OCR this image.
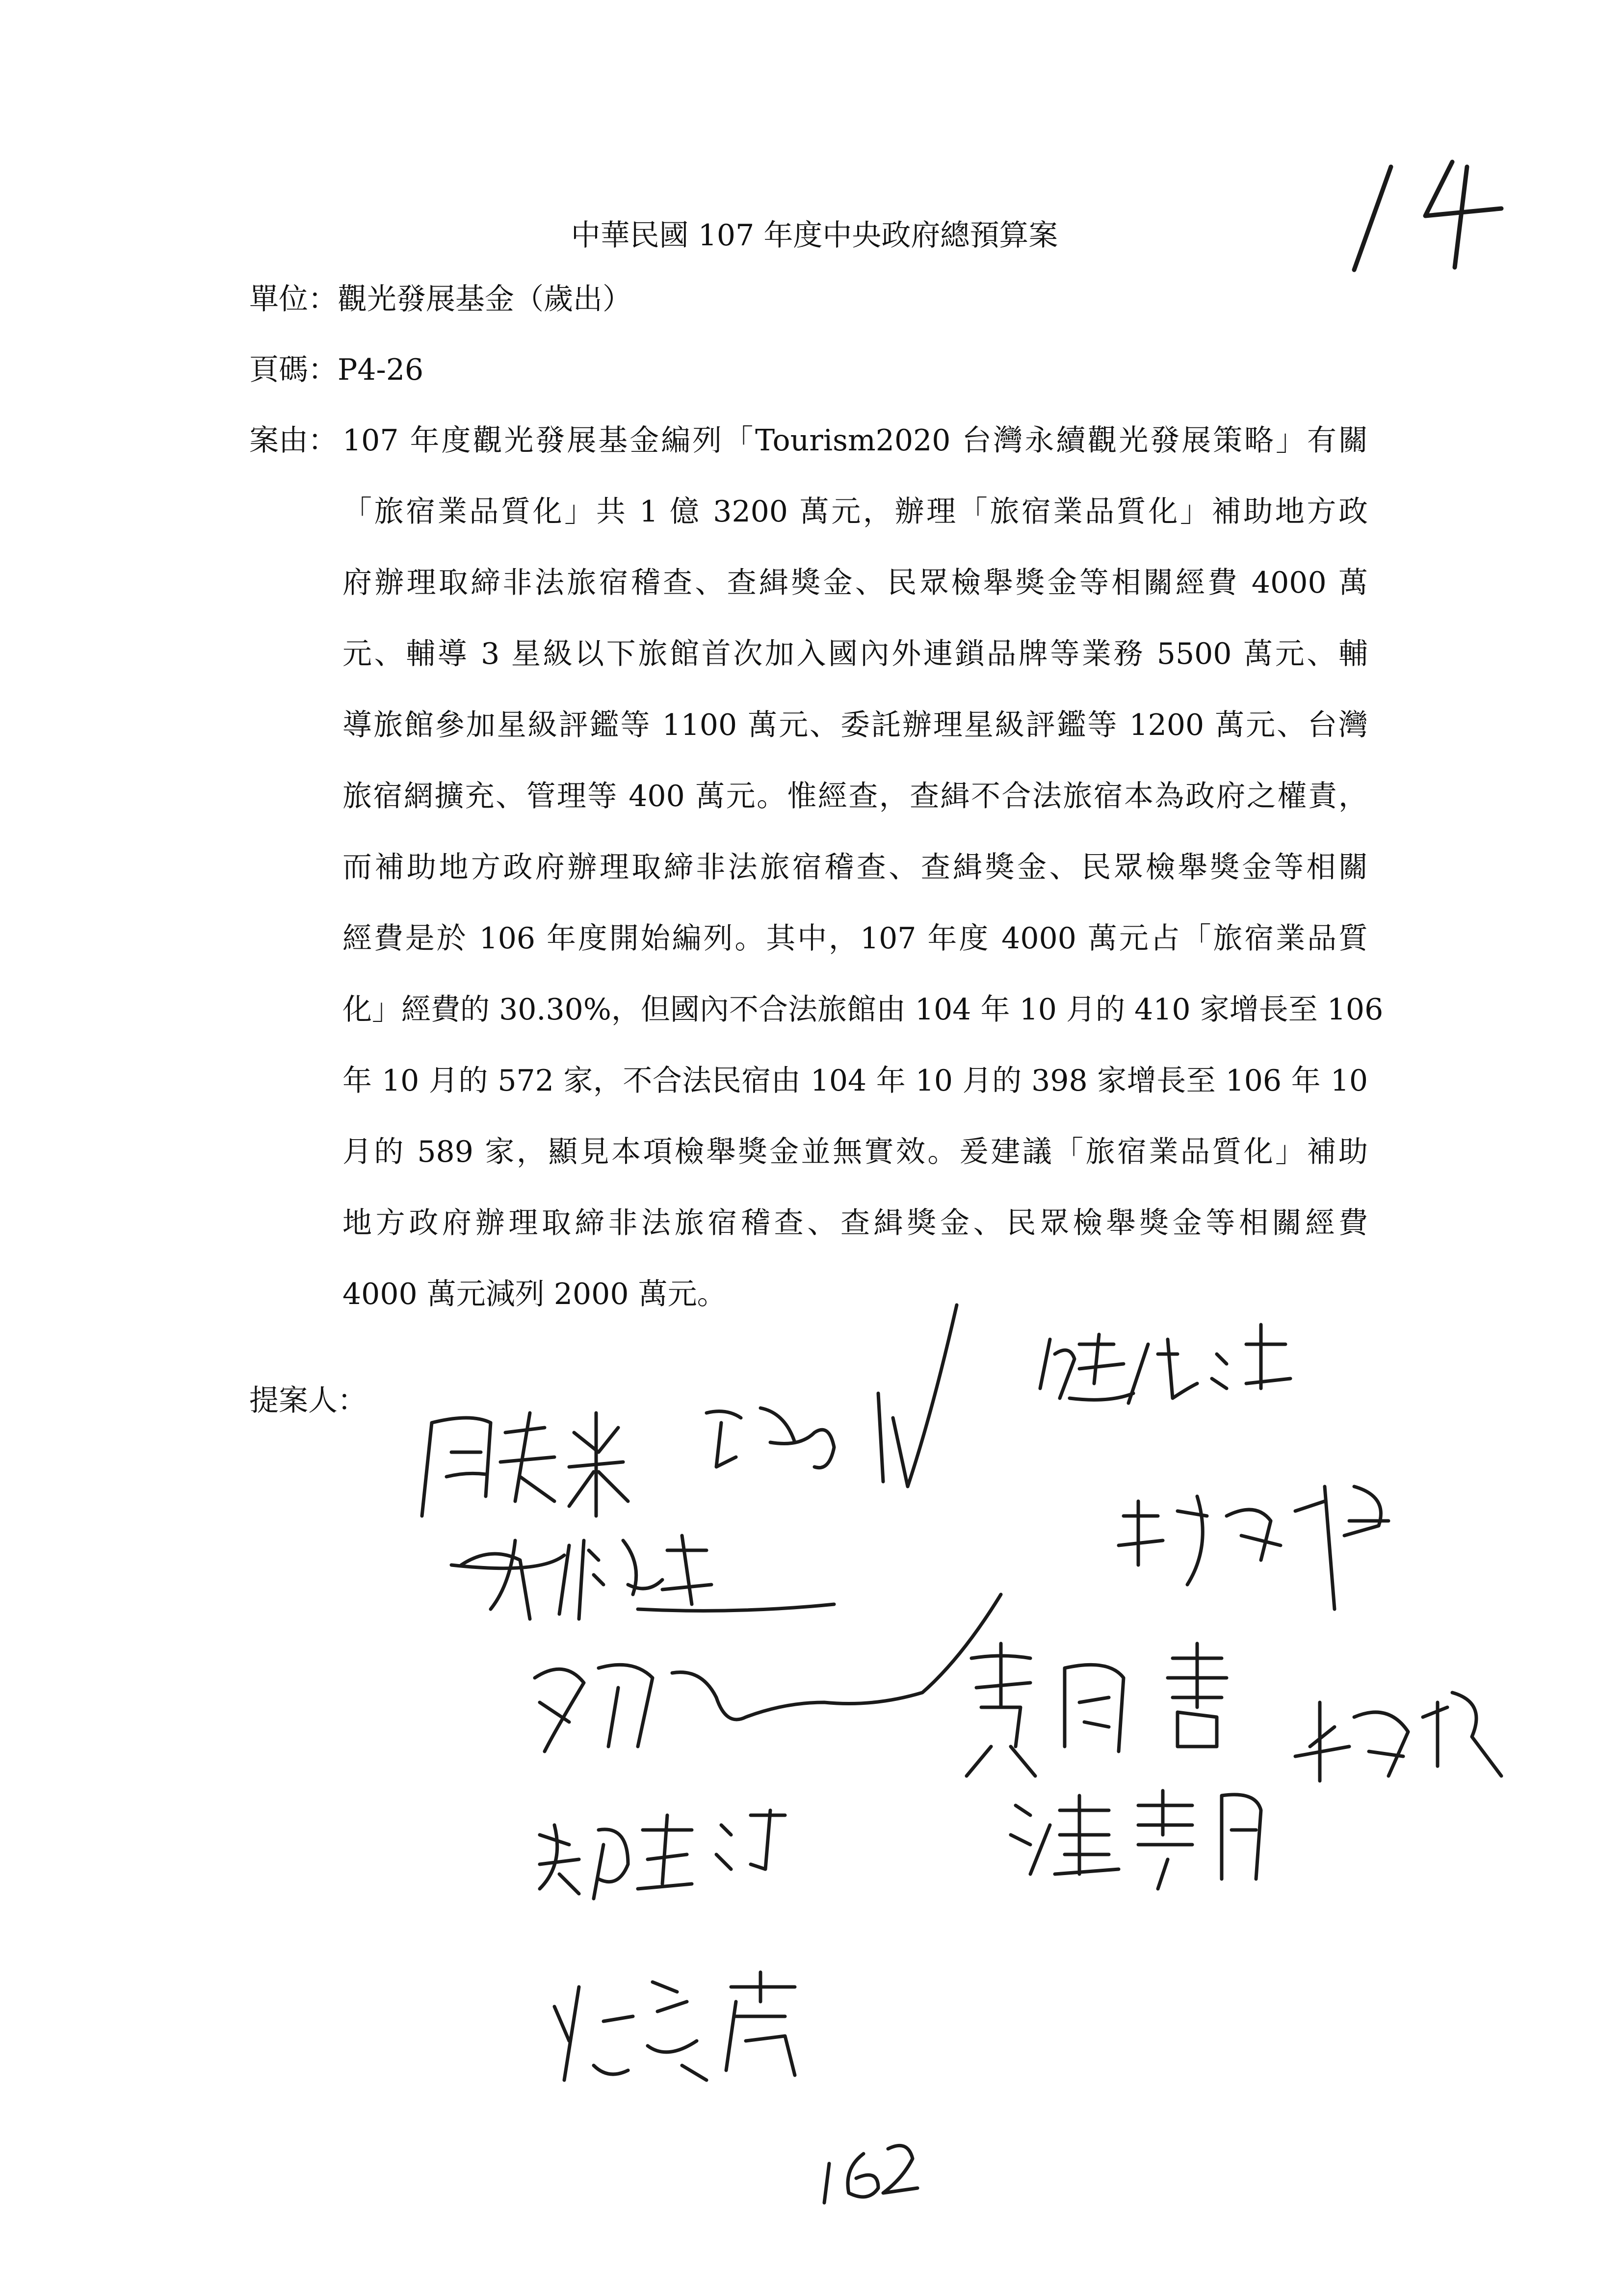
中華民國 107 年度中央政府總預算案
單位：觀光發展基金（歲出）
頁碼：P4-26
案由： 107 年度觀光發展基金編列「Tourism2020 台灣永續觀光發展策略」有關
「旅宿業品質化」共 1 億 3200 萬元，辦理「旅宿業品質化」補助地方政
府辦理取締非法旅宿稽查、查緝獎金、民眾檢舉獎金等相關經費 4000 萬
元、輔導 3 星級以下旅館首次加入國內外連鎖品牌等業務 5500 萬元、輔
導旅館參加星級評鑑等 1100 萬元、委託辦理星級評鑑等 1200 萬元、台灣
旅宿網擴充、管理等 400 萬元。惟經查，查緝不合法旅宿本為政府之權責，
而補助地方政府辦理取締非法旅宿稽查、查緝獎金、民眾檢舉獎金等相關
經費是於 106 年度開始編列。其中，107 年度 4000 萬元占「旅宿業品質
化」經費的 30.30%，但國內不合法旅館由 104 年 10 月的 410 家增長至 106
年 10 月的 572 家，不合法民宿由 104 年 10 月的 398 家增長至 106 年 10
月的 589 家，顯見本項檢舉獎金並無實效。爰建議「旅宿業品質化」補助
地方政府辦理取締非法旅宿稽查、查緝獎金、民眾檢舉獎金等相關經費
4000 萬元減列 2000 萬元。
提案人：
